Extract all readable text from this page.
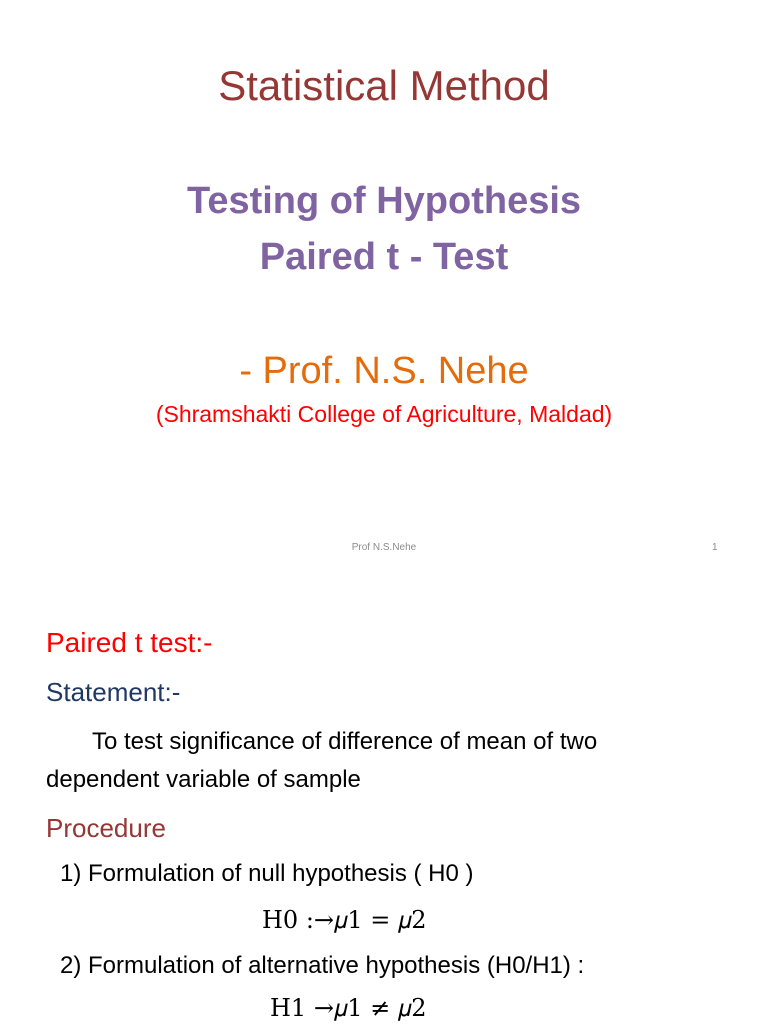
Statistical Method
Testing of Hypothesis
Paired t - Test
- Prof. N.S. Nehe
(Shramshakti College of Agriculture, Maldad)
Prof N.S.Nehe	1
Paired t test:-
Statement:-
To test significance of difference of mean of two
dependent variable of sample
Procedure
1) Formulation of null hypothesis ( H0 )
H0 :→𝜇1 = 𝜇2
2) Formulation of alternative hypothesis (H0/H1) :
H1 →𝜇1 ≠ 𝜇2
